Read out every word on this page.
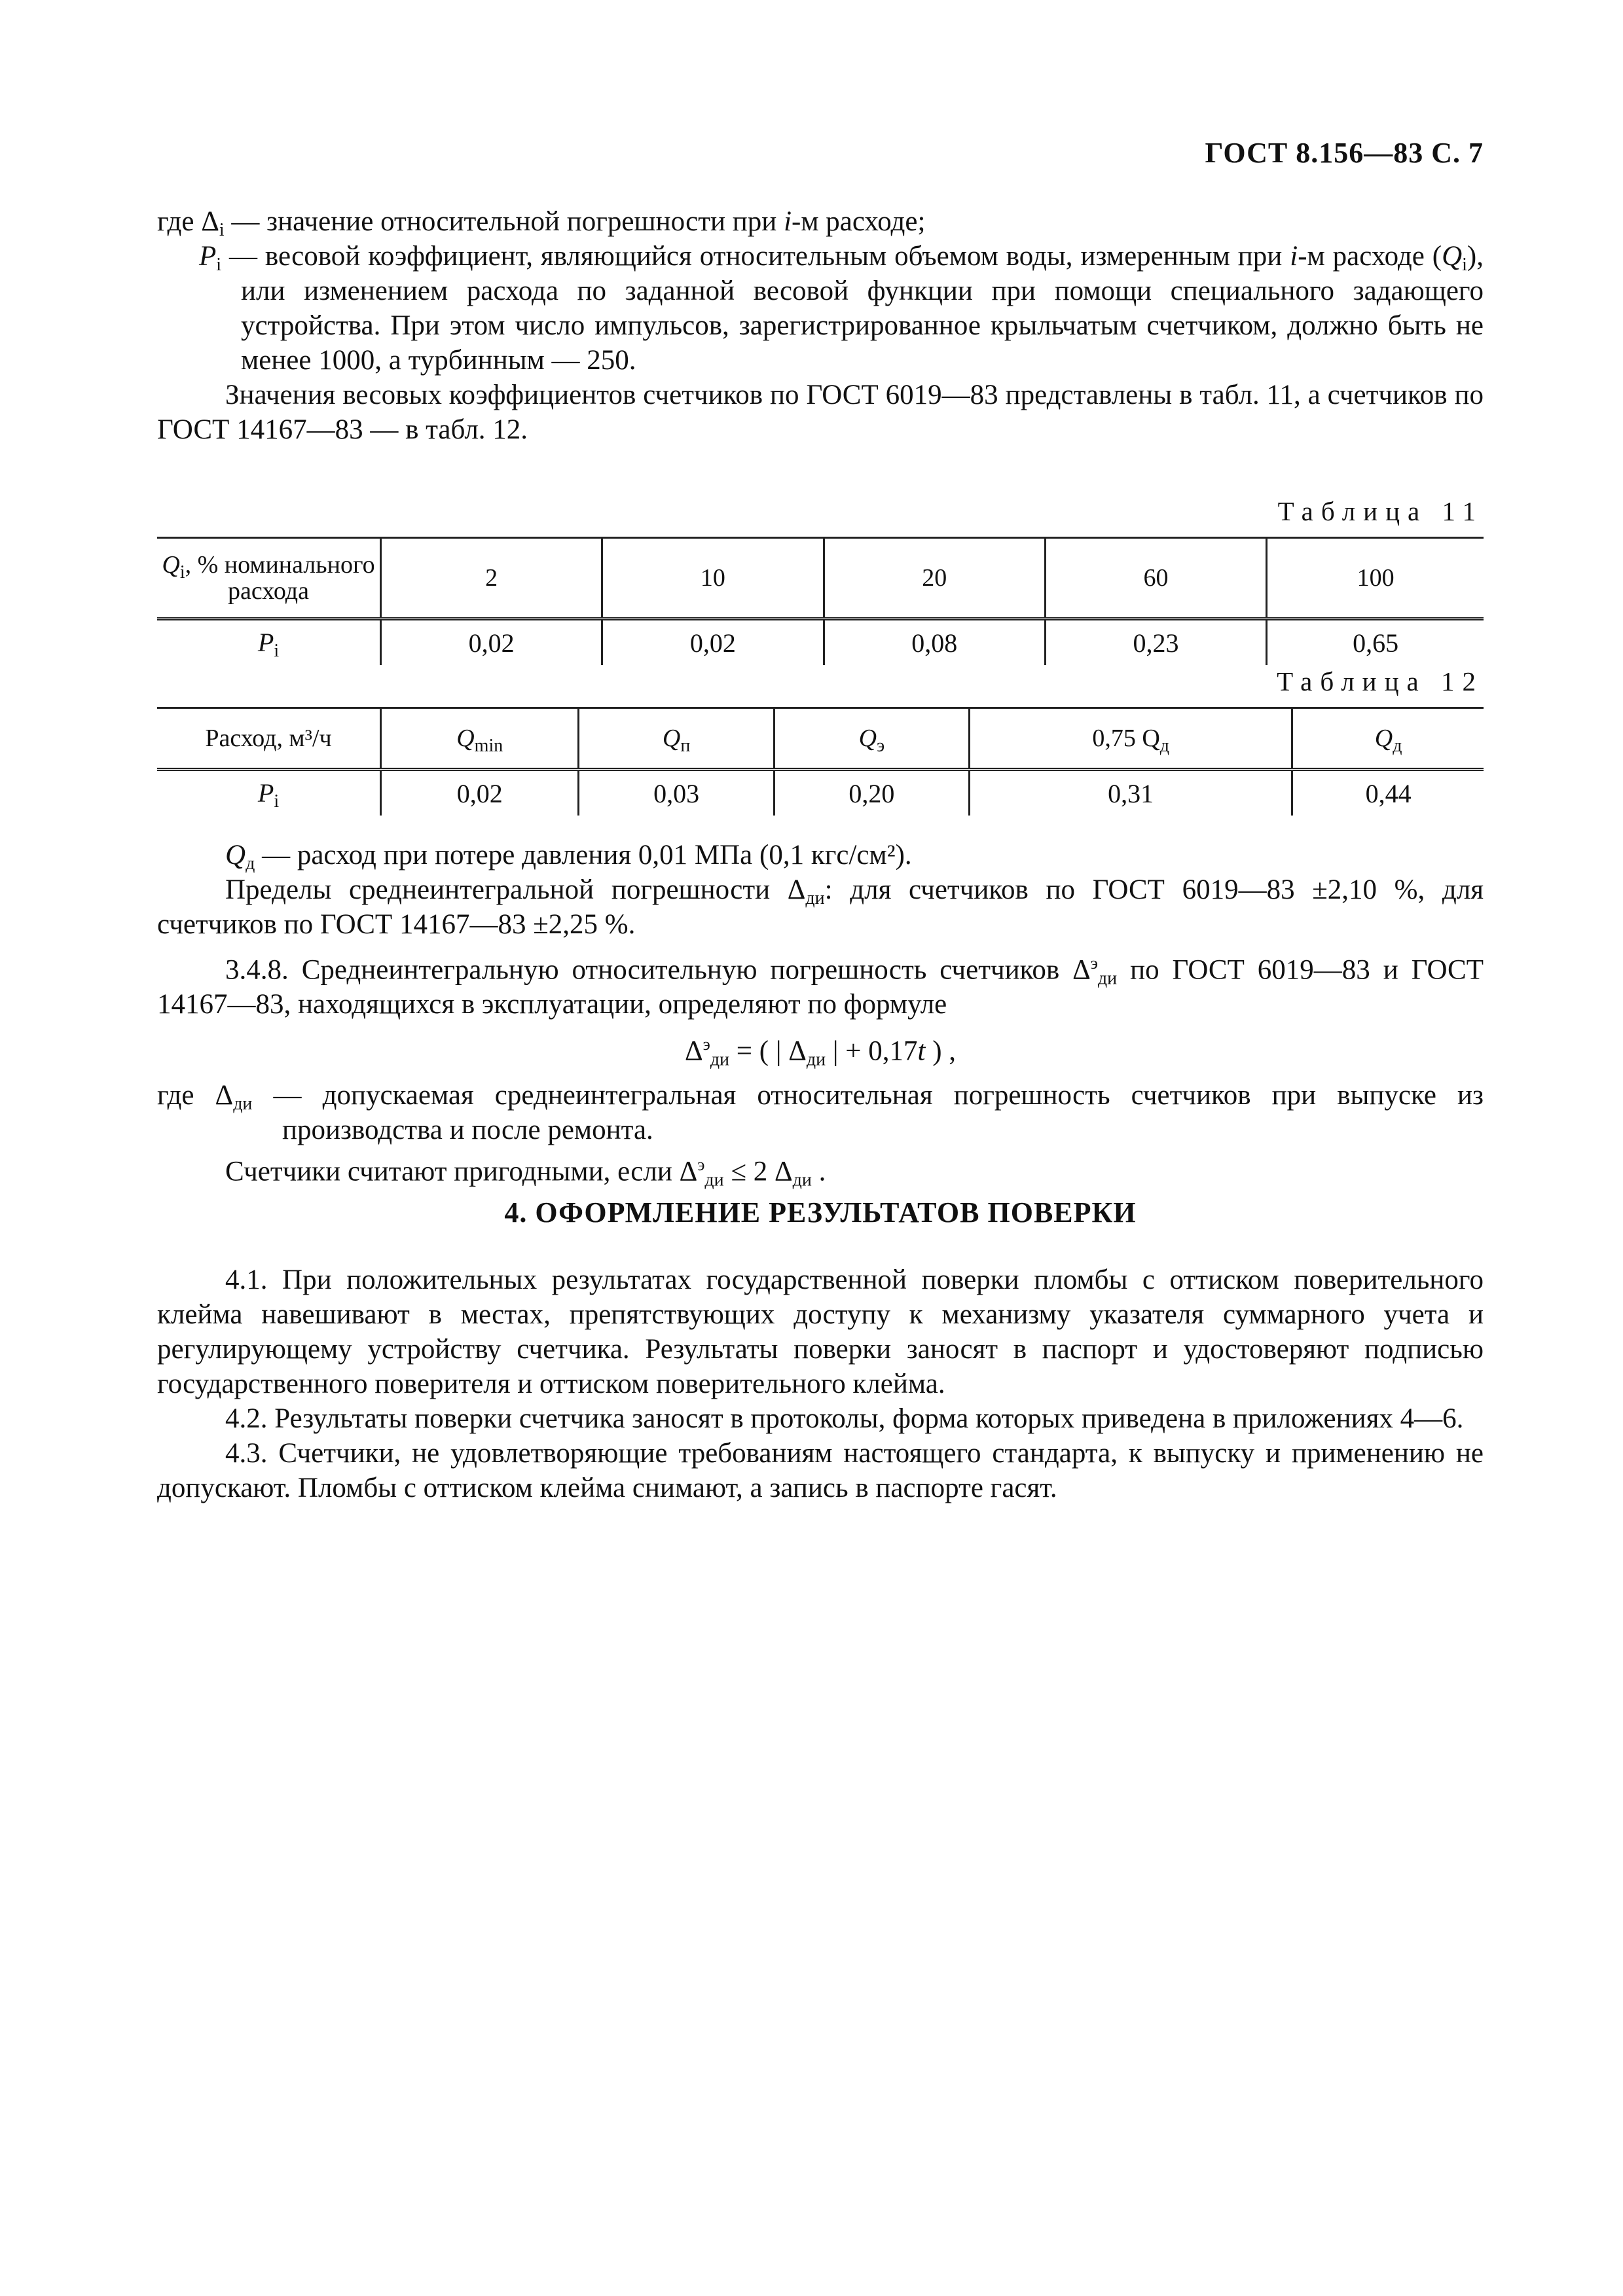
ГОСТ 8.156—83 С. 7

где $\Delta_i$ — значение относительной погрешности при i-м расходе;

$P_i$ — весовой коэффициент, являющийся относительным объемом воды, измеренным при i-м расходе $(Q_i)$, или изменением расхода по заданной весовой функции при помощи специального задающего устройства. При этом число импульсов, зарегистрированное крыльчатым счетчиком, должно быть не менее 1000, а турбинным — 250.

Значения весовых коэффициентов счетчиков по ГОСТ 6019—83 представлены в табл. 11, а счетчиков по ГОСТ 14167—83 — в табл. 12.

Таблица 11

$Q_i$, % номинального расхода	2	10	20	60	100
$P_i$	0,02	0,02	0,08	0,23	0,65

Таблица 12

Расход, м³/ч	$Q_{min}$	$Q_п$	$Q_э$	0,75 $Q_д$	$Q_д$
$P_i$	0,02	0,03	0,20	0,31	0,44

$Q_д$ — расход при потере давления 0,01 МПа (0,1 кгс/см²).

Пределы среднеинтегральной погрешности $\Delta_{ди}$: для счетчиков по ГОСТ 6019—83 ±2,10 %, для счетчиков по ГОСТ 14167—83 ±2,25 %.

3.4.8. Среднеинтегральную относительную погрешность счетчиков $\Delta^э_{ди}$ по ГОСТ 6019—83 и ГОСТ 14167—83, находящихся в эксплуатации, определяют по формуле

$\Delta^э_{ди}$ = ( | $\Delta_{ди}$ | + 0,17t ) ,

где $\Delta_{ди}$ — допускаемая среднеинтегральная относительная погрешность счетчиков при выпуске из производства и после ремонта.

Счетчики считают пригодными, если $\Delta^э_{ди} \le 2$ $\Delta_{ди}$ .

4. ОФОРМЛЕНИЕ РЕЗУЛЬТАТОВ ПОВЕРКИ

4.1. При положительных результатах государственной поверки пломбы с оттиском поверительного клейма навешивают в местах, препятствующих доступу к механизму указателя суммарного учета и регулирующему устройству счетчика. Результаты поверки заносят в паспорт и удостоверяют подписью государственного поверителя и оттиском поверительного клейма.

4.2. Результаты поверки счетчика заносят в протоколы, форма которых приведена в приложениях 4—6.

4.3. Счетчики, не удовлетворяющие требованиям настоящего стандарта, к выпуску и применению не допускают. Пломбы с оттиском клейма снимают, а запись в паспорте гасят.
